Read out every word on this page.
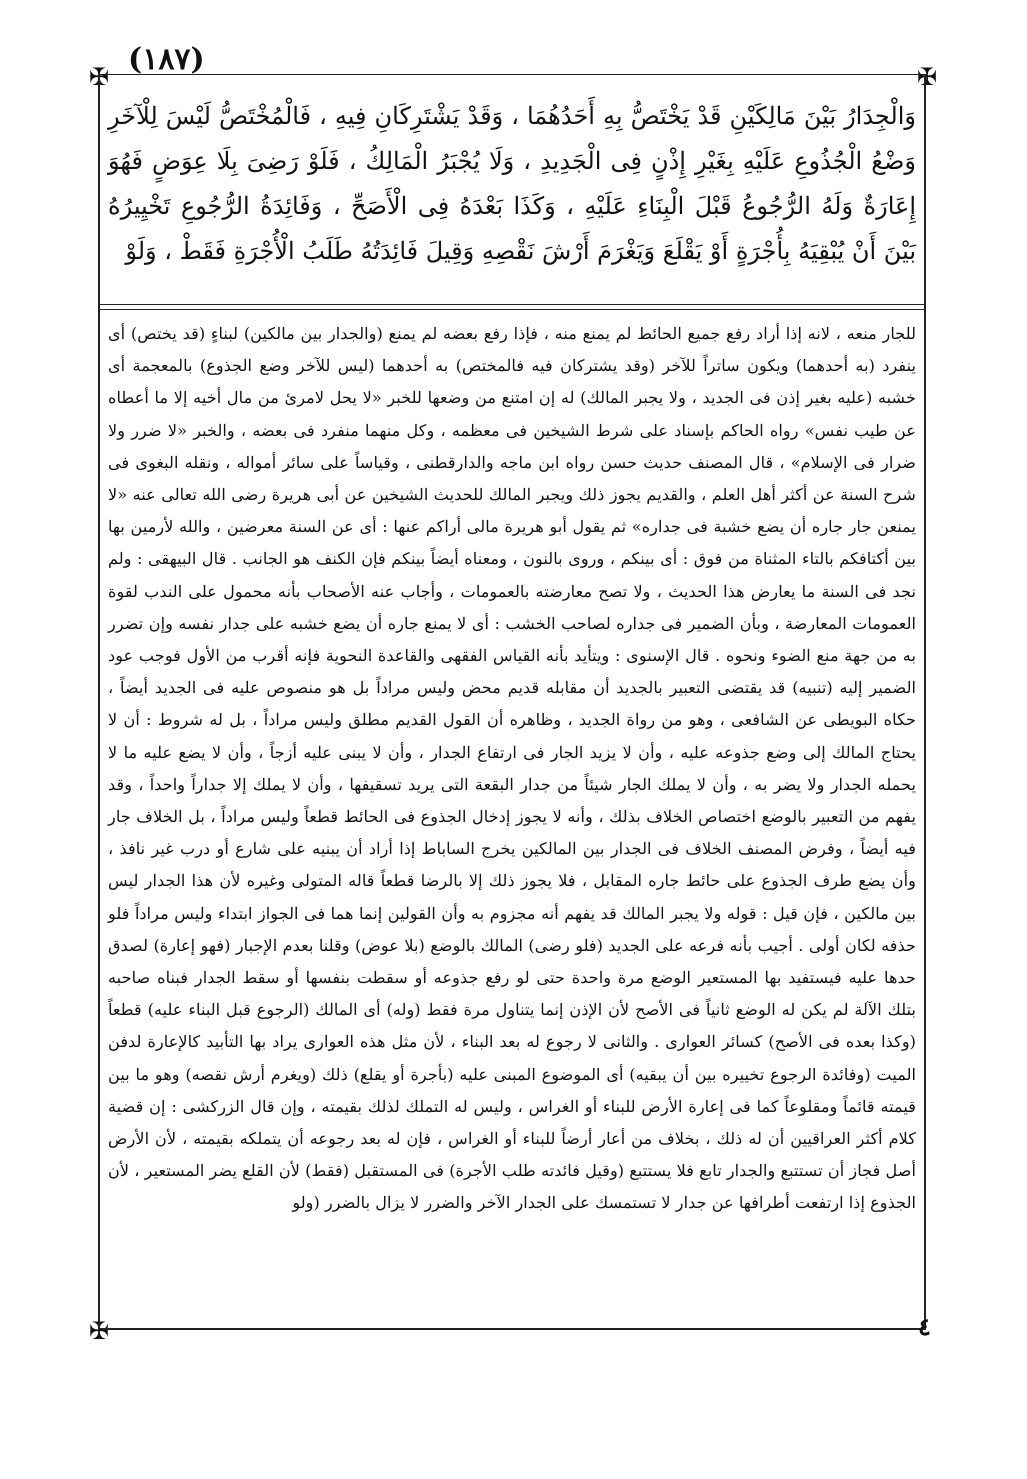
(١٨٧)
✠	✠
✠

وَالْجِدَارُ بَيْنَ مَالِكَيْنِ قَدْ يَخْتَصُّ بِهِ أَحَدُهُمَا ، وَقَدْ يَشْتَرِكَانِ فِيهِ ، فَالْمُخْتَصُّ لَيْسَ لِلْآخَرِ وَضْعُ الْجُذُوعِ عَلَيْهِ بِغَيْرِ إِذْنٍ فِى الْجَدِيدِ ، وَلَا يُجْبَرُ الْمَالِكُ ، فَلَوْ رَضِىَ بِلَا عِوَضٍ فَهُوَ إِعَارَةٌ وَلَهُ الرُّجُوعُ قَبْلَ الْبِنَاءِ عَلَيْهِ ، وَكَذَا بَعْدَهُ فِى الْأَصَحِّ ، وَفَائِدَةُ الرُّجُوعِ تَخْيِيرُهُ بَيْنَ أَنْ يُبْقِيَهُ بِأُجْرَةٍ أَوْ يَقْلَعَ وَيَغْرَمَ أَرْشَ نَقْصِهِ وَقِيلَ فَائِدَتُهُ طَلَبُ الْأُجْرَةِ فَقَطْ ، وَلَوْ

للجار منعه ، لانه إذا أراد رفع جميع الحائط لم يمنع منه ، فإذا رفع بعضه لم يمنع (والجدار بين مالكين) لبناءٍ (قد يختص) أى ينفرد (به أحدهما) ويكون ساتراً للآخر (وقد يشتركان فيه فالمختص) به أحدهما (ليس للآخر وضع الجذوع) بالمعجمة أى خشبه (عليه بغير إذن فى الجديد ، ولا يجبر المالك) له إن امتنع من وضعها للخبر «لا يحل لامرئ من مال أخيه إلا ما أعطاه عن طيب نفس» رواه الحاكم بإسناد على شرط الشيخين فى معظمه ، وكل منهما منفرد فى بعضه ، والخبر «لا ضرر ولا ضرار فى الإسلام» ، قال المصنف حديث حسن رواه ابن ماجه والدارقطنى ، وقياساً على سائر أمواله ، ونقله البغوى فى شرح السنة عن أكثر أهل العلم ، والقديم يجوز ذلك ويجبر المالك للحديث الشيخين عن أبى هريرة رضى الله تعالى عنه «لا يمنعن جار جاره أن يضع خشبة فى جداره» ثم يقول أبو هريرة مالى أراكم عنها : أى عن السنة معرضين ، والله لأرمين بها بين أكتافكم بالتاء المثناة من فوق : أى بينكم ، وروى بالنون ، ومعناه أيضاً بينكم فإن الكنف هو الجانب . قال البيهقى : ولم نجد فى السنة ما يعارض هذا الحديث ، ولا تصح معارضته بالعمومات ، وأجاب عنه الأصحاب بأنه محمول على الندب لقوة العمومات المعارضة ، وبأن الضمير فى جداره لصاحب الخشب : أى لا يمنع جاره أن يضع خشبه على جدار نفسه وإن تضرر به من جهة منع الضوء ونحوه . قال الإسنوى : ويتأيد بأنه القياس الفقهى والقاعدة النحوية فإنه أقرب من الأول فوجب عود الضمير إليه (تنبيه) قد يقتضى التعبير بالجديد أن مقابله قديم محض وليس مراداً بل هو منصوص عليه فى الجديد أيضاً ، حكاه البويطى عن الشافعى ، وهو من رواة الجديد ، وظاهره أن القول القديم مطلق وليس مراداً ، بل له شروط : أن لا يحتاج المالك إلى وضع جذوعه عليه ، وأن لا يزيد الجار فى ارتفاع الجدار ، وأن لا يبنى عليه أزجاً ، وأن لا يضع عليه ما لا يحمله الجدار ولا يضر به ، وأن لا يملك الجار شيئاً من جدار البقعة التى يريد تسقيفها ، وأن لا يملك إلا جداراً واحداً ، وقد يفهم من التعبير بالوضع اختصاص الخلاف بذلك ، وأنه لا يجوز إدخال الجذوع فى الحائط قطعاً وليس مراداً ، بل الخلاف جار فيه أيضاً ، وفرض المصنف الخلاف فى الجدار بين المالكين يخرج الساباط إذا أراد أن يبنيه على شارع أو درب غير نافذ ، وأن يضع طرف الجذوع على حائط جاره المقابل ، فلا يجوز ذلك إلا بالرضا قطعاً قاله المتولى وغيره لأن هذا الجدار ليس بين مالكين ، فإن قيل : قوله ولا يجبر المالك قد يفهم أنه مجزوم به وأن القولين إنما هما فى الجواز ابتداء وليس مراداً فلو حذفه لكان أولى . أجيب بأنه فرعه على الجديد (فلو رضى) المالك بالوضع (بلا عوض) وقلنا بعدم الإجبار (فهو إعارة) لصدق حدها عليه فيستفيد بها المستعير الوضع مرة واحدة حتى لو رفع جذوعه أو سقطت بنفسها أو سقط الجدار فبناه صاحبه بتلك الآلة لم يكن له الوضع ثانياً فى الأصح لأن الإذن إنما يتناول مرة فقط (وله) أى المالك (الرجوع قبل البناء عليه) قطعاً (وكذا بعده فى الأصح) كسائر العوارى . والثانى لا رجوع له بعد البناء ، لأن مثل هذه العوارى يراد بها التأبيد كالإعارة لدفن الميت (وفائدة الرجوع تخييره بين أن يبقيه) أى الموضوع المبنى عليه (بأجرة أو يقلع) ذلك (ويغرم أرش نقصه) وهو ما بين قيمته قائماً ومقلوعاً كما فى إعارة الأرض للبناء أو الغراس ، وليس له التملك لذلك بقيمته ، وإن قال الزركشى : إن قضية كلام أكثر العراقيين أن له ذلك ، بخلاف من أعار أرضاً للبناء أو الغراس ، فإن له بعد رجوعه أن يتملكه بقيمته ، لأن الأرض أصل فجاز أن تستتبع والجدار تابع فلا يستتبع (وقيل فائدته طلب الأجرة) فى المستقبل (فقط) لأن القلع يضر المستعير ، لأن الجذوع إذا ارتفعت أطرافها عن جدار لا تستمسك على الجدار الآخر والضرر لا يزال بالضرر (ولو

٤
